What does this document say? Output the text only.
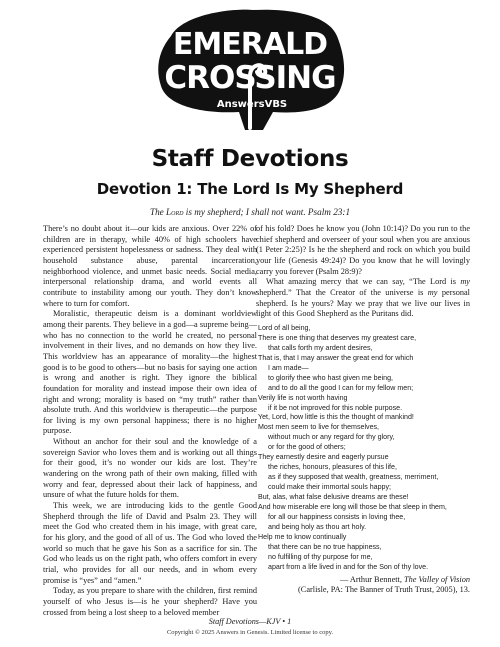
EMERALD
CROSSING
AnswersVBS
Staff Devotions
Devotion 1: The Lord Is My Shepherd
The Lord is my shepherd; I shall not want. Psalm 23:1

There’s no doubt about it—our kids are anxious. Over 22% of children are in therapy, while 40% of high schoolers have experienced persistent hopelessness or sadness. They deal with household substance abuse, parental incarceration, neighborhood violence, and unmet basic needs. Social media, interpersonal relationship drama, and world events all contribute to instability among our youth. They don’t know where to turn for comfort.

Moralistic, therapeutic deism is a dominant worldview among their parents. They believe in a god—a supreme being—who has no connection to the world he created, no personal involvement in their lives, and no demands on how they live. This worldview has an appearance of morality—the highest good is to be good to others—but no basis for saying one action is wrong and another is right. They ignore the biblical foundation for morality and instead impose their own idea of right and wrong; morality is based on “my truth” rather than absolute truth. And this worldview is therapeutic—the purpose for living is my own personal happiness; there is no higher purpose.

Without an anchor for their soul and the knowledge of a sovereign Savior who loves them and is working out all things for their good, it’s no wonder our kids are lost. They’re wandering on the wrong path of their own making, filled with worry and fear, depressed about their lack of happiness, and unsure of what the future holds for them.

This week, we are introducing kids to the gentle Good Shepherd through the life of David and Psalm 23. They will meet the God who created them in his image, with great care, for his glory, and the good of all of us. The God who loved the world so much that he gave his Son as a sacrifice for sin. The God who leads us on the right path, who offers comfort in every trial, who provides for all our needs, and in whom every promise is “yes” and “amen.”

Today, as you prepare to share with the children, first remind yourself of who Jesus is—is he your shepherd? Have you crossed from being a lost sheep to a beloved member

of his fold? Does he know you (John 10:14)? Do you run to the chief shepherd and overseer of your soul when you are anxious (1 Peter 2:25)? Is he the shepherd and rock on which you build your life (Genesis 49:24)? Do you know that he will lovingly carry you forever (Psalm 28:9)?

What amazing mercy that we can say, “The Lord is my shepherd.” That the Creator of the universe is my personal shepherd. Is he yours? May we pray that we live our lives in light of this Good Shepherd as the Puritans did.

Lord of all being,
There is one thing that deserves my greatest care,
that calls forth my ardent desires,
That is, that I may answer the great end for which
I am made—
to glorify thee who hast given me being,
and to do all the good I can for my fellow men;
Verily life is not worth having
if it be not improved for this noble purpose.
Yet, Lord, how little is this the thought of mankind!
Most men seem to live for themselves,
without much or any regard for thy glory,
or for the good of others;
They earnestly desire and eagerly pursue
the riches, honours, pleasures of this life,
as if they supposed that wealth, greatness, merriment,
could make their immortal souls happy;
But, alas, what false delusive dreams are these!
And how miserable ere long will those be that sleep in them,
for all our happiness consists in loving thee,
and being holy as thou art holy.
Help me to know continually
that there can be no true happiness,
no fulfilling of thy purpose for me,
apart from a life lived in and for the Son of thy love.
— Arthur Bennett, The Valley of Vision
(Carlisle, PA: The Banner of Truth Trust, 2005), 13.
Staff Devotions—KJV • 1
Copyright © 2025 Answers in Genesis. Limited license to copy.
